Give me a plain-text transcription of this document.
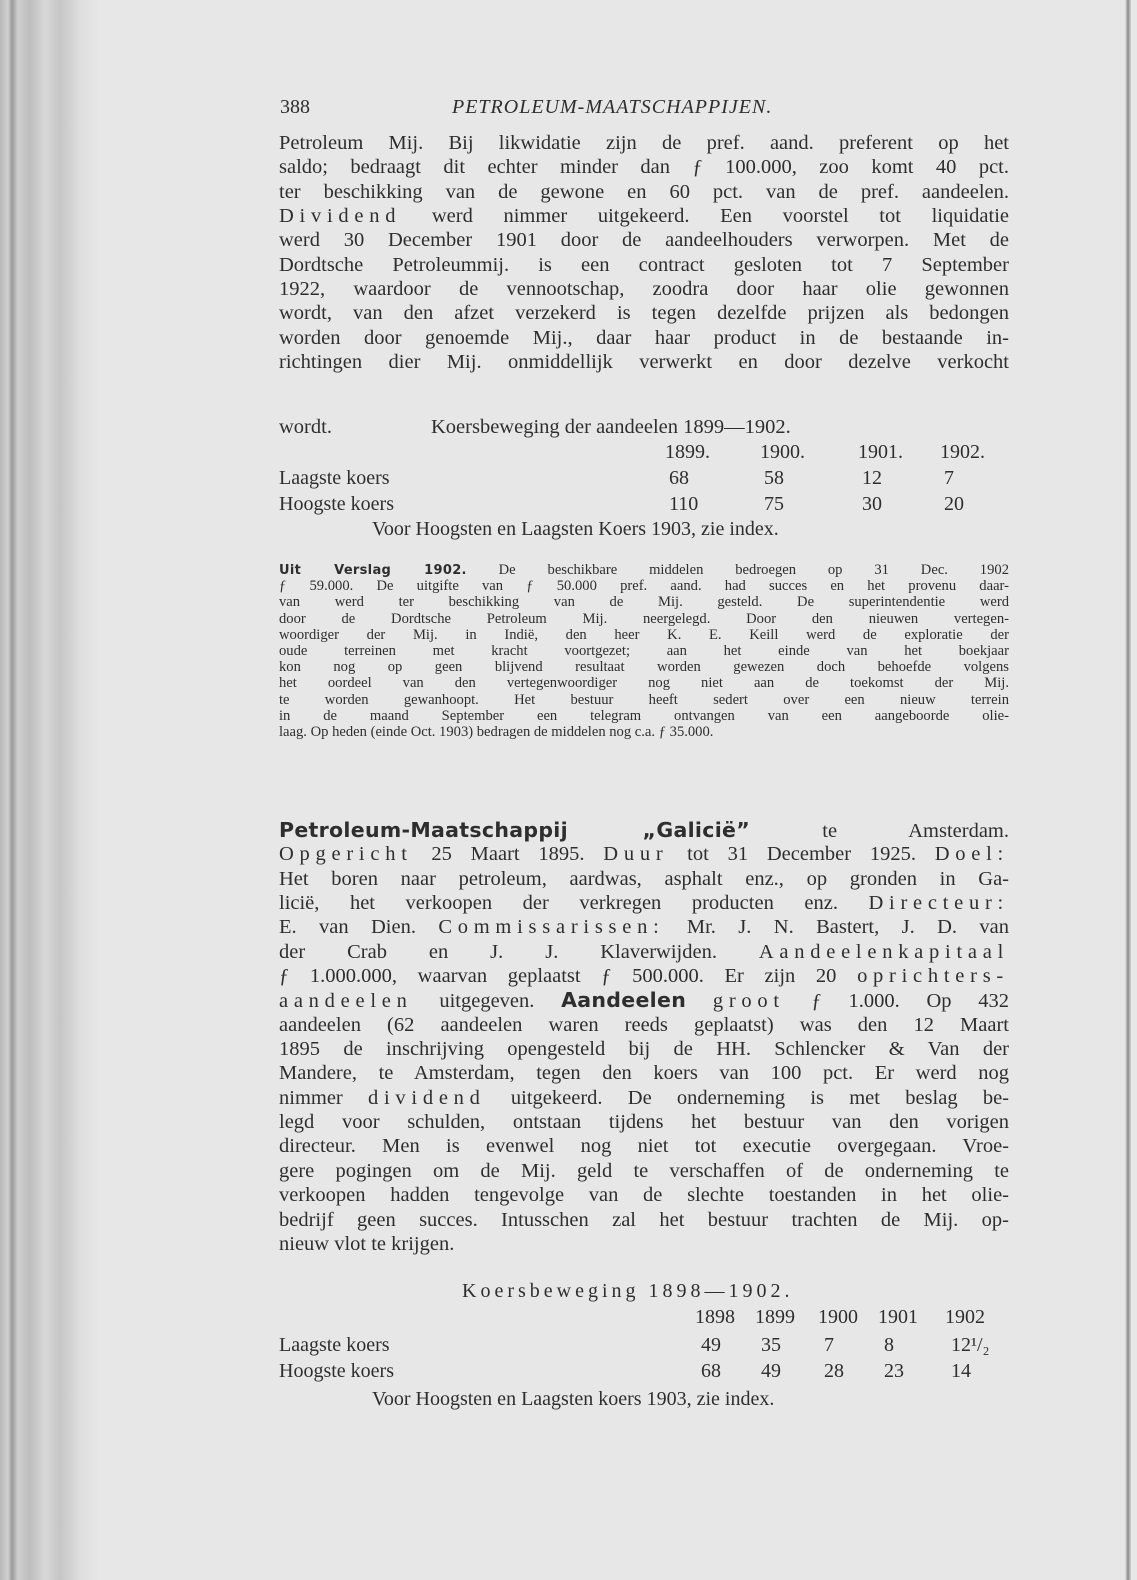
388	PETROLEUM-MAATSCHAPPIJEN.
Petroleum Mij. Bij likwidatie zijn de pref. aand. preferent op het
saldo; bedraagt dit echter minder dan ƒ 100.000, zoo komt 40 pct.
ter beschikking van de gewone en 60 pct. van de pref. aandeelen.
Dividend werd nimmer uitgekeerd. Een voorstel tot liquidatie
werd 30 December 1901 door de aandeelhouders verworpen. Met de
Dordtsche Petroleummij. is een contract gesloten tot 7 September
1922, waardoor de vennootschap, zoodra door haar olie gewonnen
wordt, van den afzet verzekerd is tegen dezelfde prijzen als bedongen
worden door genoemde Mij., daar haar product in de bestaande in-
richtingen dier Mij. onmiddellijk verwerkt en door dezelve verkocht
wordt.	Koersbeweging der aandeelen 1899—1902.
1899.	1900.	1901. 1902.
Laagste koers	68	58	12	7
Hoogste koers	110	75	30	20
Voor Hoogsten en Laagsten Koers 1903, zie index.
Uit Verslag 1902. De beschikbare middelen bedroegen op 31 Dec. 1902
ƒ 59.000. De uitgifte van ƒ 50.000 pref. aand. had succes en het provenu daar-
van werd ter beschikking van de Mij. gesteld. De superintendentie werd
door de Dordtsche Petroleum Mij. neergelegd. Door den nieuwen vertegen-
woordiger der Mij. in Indië, den heer K. E. Keill werd de exploratie der
oude terreinen met kracht voortgezet; aan het einde van het boekjaar
kon nog op geen blijvend resultaat worden gewezen doch behoefde volgens
het oordeel van den vertegenwoordiger nog niet aan de toekomst der Mij.
te worden gewanhoopt. Het bestuur heeft sedert over een nieuw terrein
in de maand September een telegram ontvangen van een aangeboorde olie-
laag. Op heden (einde Oct. 1903) bedragen de middelen nog c.a. ƒ 35.000.
Petroleum-Maatschappij „Galicië” te Amsterdam.
Opgericht 25 Maart 1895. Duur tot 31 December 1925. Doel:
Het boren naar petroleum, aardwas, asphalt enz., op gronden in Ga-
licië, het verkoopen der verkregen producten enz. Directeur:
E. van Dien. Commissarissen: Mr. J. N. Bastert, J. D. van
der Crab en J. J. Klaverwijden. Aandeelenkapitaal
ƒ 1.000.000, waarvan geplaatst ƒ 500.000. Er zijn 20 oprichters-
aandeelen uitgegeven. Aandeelen groot ƒ 1.000. Op 432
aandeelen (62 aandeelen waren reeds geplaatst) was den 12 Maart
1895 de inschrijving opengesteld bij de HH. Schlencker & Van der
Mandere, te Amsterdam, tegen den koers van 100 pct. Er werd nog
nimmer dividend uitgekeerd. De onderneming is met beslag be-
legd voor schulden, ontstaan tijdens het bestuur van den vorigen
directeur. Men is evenwel nog niet tot executie overgegaan. Vroe-
gere pogingen om de Mij. geld te verschaffen of de onderneming te
verkoopen hadden tengevolge van de slechte toestanden in het olie-
bedrijf geen succes. Intusschen zal het bestuur trachten de Mij. op-
nieuw vlot te krijgen.
Koersbeweging 1898—1902.
1898 1899 1900 1901 1902
Laagste koers	49 35 7	8	12¹/₂
Hoogste koers	68 49 28 23 14
Voor Hoogsten en Laagsten koers 1903, zie index.
